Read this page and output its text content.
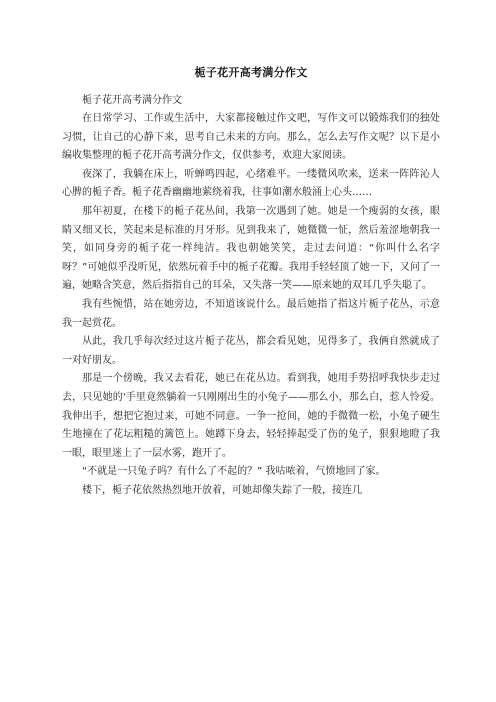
栀子花开高考满分作文

栀子花开高考满分作文

在日常学习、工作或生活中，大家都接触过作文吧，写作文可以锻炼我们的独处习惯，让自己的心静下来，思考自己未来的方向。那么，怎么去写作文呢？以下是小编收集整理的栀子花开高考满分作文，仅供参考，欢迎大家阅读。

夜深了，我躺在床上，听蝉鸣四起，心绪难平。一缕微风吹来，送来一阵阵沁人心脾的栀子香。栀子花香幽幽地萦绕着我，往事如潮水般涌上心头……

那年初夏，在楼下的栀子花丛间，我第一次遇到了她。她是一个瘦弱的女孩，眼睛又细又长，笑起来是标准的月牙形。见到我来了，她微微一怔，然后羞涩地朝我一笑，如同身旁的栀子花一样纯洁。我也朝她笑笑，走过去问道：“你叫什么名字呀？”可她似乎没听见，依然玩着手中的栀子花瓣。我用手轻轻顶了她一下，又问了一遍，她略含笑意，然后指指自己的耳朵，又失落一笑——原来她的双耳几乎失聪了。

我有些惋惜，站在她旁边，不知道该说什么。最后她指了指这片栀子花丛，示意我一起赏花。

从此，我几乎每次经过这片栀子花丛，都会看见她，见得多了，我俩自然就成了一对好朋友。

那是一个傍晚，我又去看花，她已在花丛边。看到我，她用手势招呼我快步走过去，只见她的'手里竟然躺着一只刚刚出生的小兔子——那么小，那么白，惹人怜爱。我伸出手，想把它抱过来，可她不同意。一争一抢间，她的手微微一松，小兔子硬生生地撞在了花坛粗糙的篱笆上。她蹲下身去，轻轻捧起受了伤的兔子，狠狠地瞪了我一眼，眼里迷上了一层水雾，跑开了。

“不就是一只兔子吗？有什么了不起的？” 我咕哝着，气愤地回了家。

楼下，栀子花依然热烈地开放着，可她却像失踪了一般，接连几
